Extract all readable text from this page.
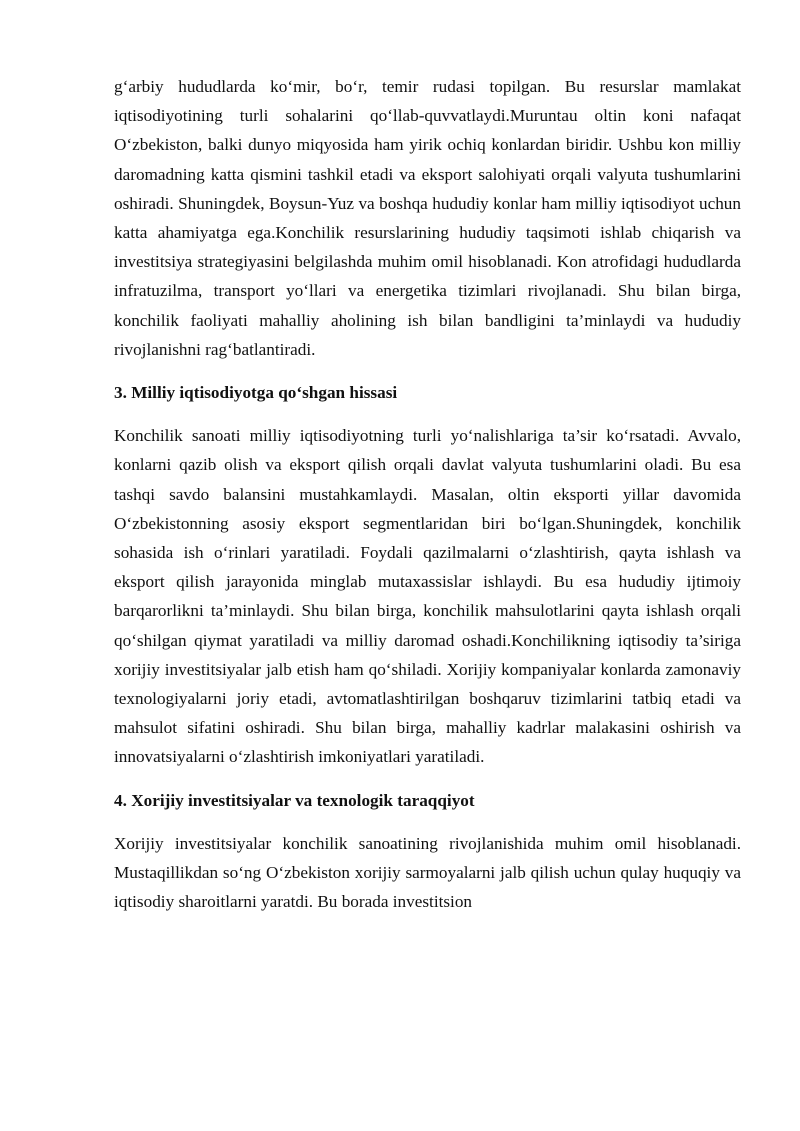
g‘arbiy hududlarda ko‘mir, bo‘r, temir rudasi topilgan. Bu resurslar mamlakat iqtisodiyotining turli sohalarini qo‘llab-quvvatlaydi.Muruntau oltin koni nafaqat O‘zbekiston, balki dunyo miqyosida ham yirik ochiq konlardan biridir. Ushbu kon milliy daromadning katta qismini tashkil etadi va eksport salohiyati orqali valyuta tushumlarini oshiradi. Shuningdek, Boysun-Yuz va boshqa hududiy konlar ham milliy iqtisodiyot uchun katta ahamiyatga ega.Konchilik resurslarining hududiy taqsimoti ishlab chiqarish va investitsiya strategiyasini belgilashda muhim omil hisoblanadi. Kon atrofidagi hududlarda infratuzilma, transport yo‘llari va energetika tizimlari rivojlanadi. Shu bilan birga, konchilik faoliyati mahalliy aholining ish bilan bandligini ta’minlaydi va hududiy rivojlanishni rag‘batlantiradi.

3. Milliy iqtisodiyotga qo‘shgan hissasi

Konchilik sanoati milliy iqtisodiyotning turli yo‘nalishlariga ta’sir ko‘rsatadi. Avvalo, konlarni qazib olish va eksport qilish orqali davlat valyuta tushumlarini oladi. Bu esa tashqi savdo balansini mustahkamlaydi. Masalan, oltin eksporti yillar davomida O‘zbekistonning asosiy eksport segmentlaridan biri bo‘lgan.Shuningdek, konchilik sohasida ish o‘rinlari yaratiladi. Foydali qazilmalarni o‘zlashtirish, qayta ishlash va eksport qilish jarayonida minglab mutaxassislar ishlaydi. Bu esa hududiy ijtimoiy barqarorlikni ta’minlaydi. Shu bilan birga, konchilik mahsulotlarini qayta ishlash orqali qo‘shilgan qiymat yaratiladi va milliy daromad oshadi.Konchilikning iqtisodiy ta’siriga xorijiy investitsiyalar jalb etish ham qo‘shiladi. Xorijiy kompaniyalar konlarda zamonaviy texnologiyalarni joriy etadi, avtomatlashtirilgan boshqaruv tizimlarini tatbiq etadi va mahsulot sifatini oshiradi. Shu bilan birga, mahalliy kadrlar malakasini oshirish va innovatsiyalarni o‘zlashtirish imkoniyatlari yaratiladi.

4. Xorijiy investitsiyalar va texnologik taraqqiyot

Xorijiy investitsiyalar konchilik sanoatining rivojlanishida muhim omil hisoblanadi. Mustaqillikdan so‘ng O‘zbekiston xorijiy sarmoyalarni jalb qilish uchun qulay huquqiy va iqtisodiy sharoitlarni yaratdi. Bu borada investitsion
